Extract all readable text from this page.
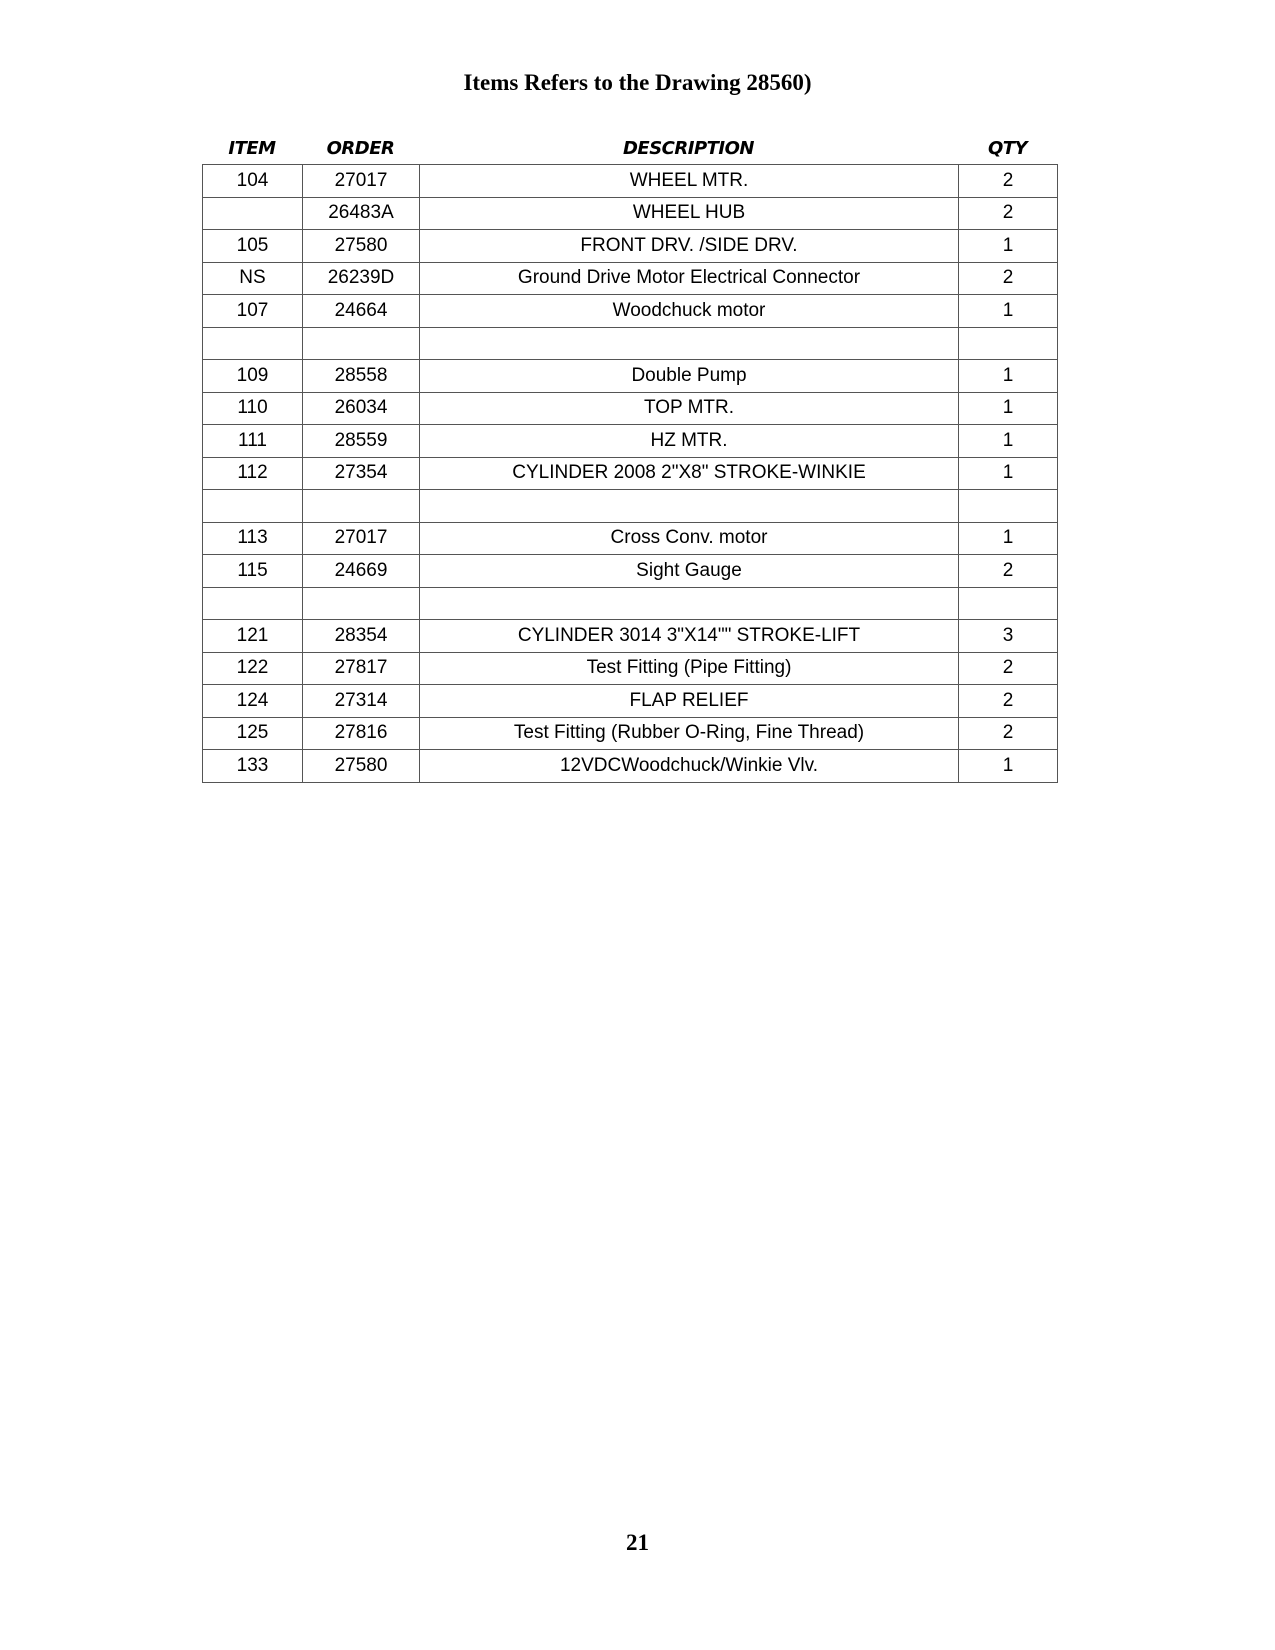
Items Refers to the Drawing 28560)
ITEM	ORDER	DESCRIPTION	QTY
104	27017	WHEEL MTR.	2
	26483A	WHEEL HUB	2
105	27580	FRONT DRV. /SIDE DRV.	1
NS	26239D	Ground Drive Motor Electrical Connector	2
107	24664	Woodchuck motor	1

109	28558	Double Pump	1
110	26034	TOP MTR.	1
111	28559	HZ MTR.	1
112	27354	CYLINDER 2008 2"X8" STROKE-WINKIE	1

113	27017	Cross Conv. motor	1
115	24669	Sight Gauge	2

121	28354	CYLINDER 3014 3"X14"" STROKE-LIFT	3
122	27817	Test Fitting (Pipe Fitting)	2
124	27314	FLAP RELIEF	2
125	27816	Test Fitting (Rubber O-Ring, Fine Thread)	2
133	27580	12VDCWoodchuck/Winkie Vlv.	1
21
